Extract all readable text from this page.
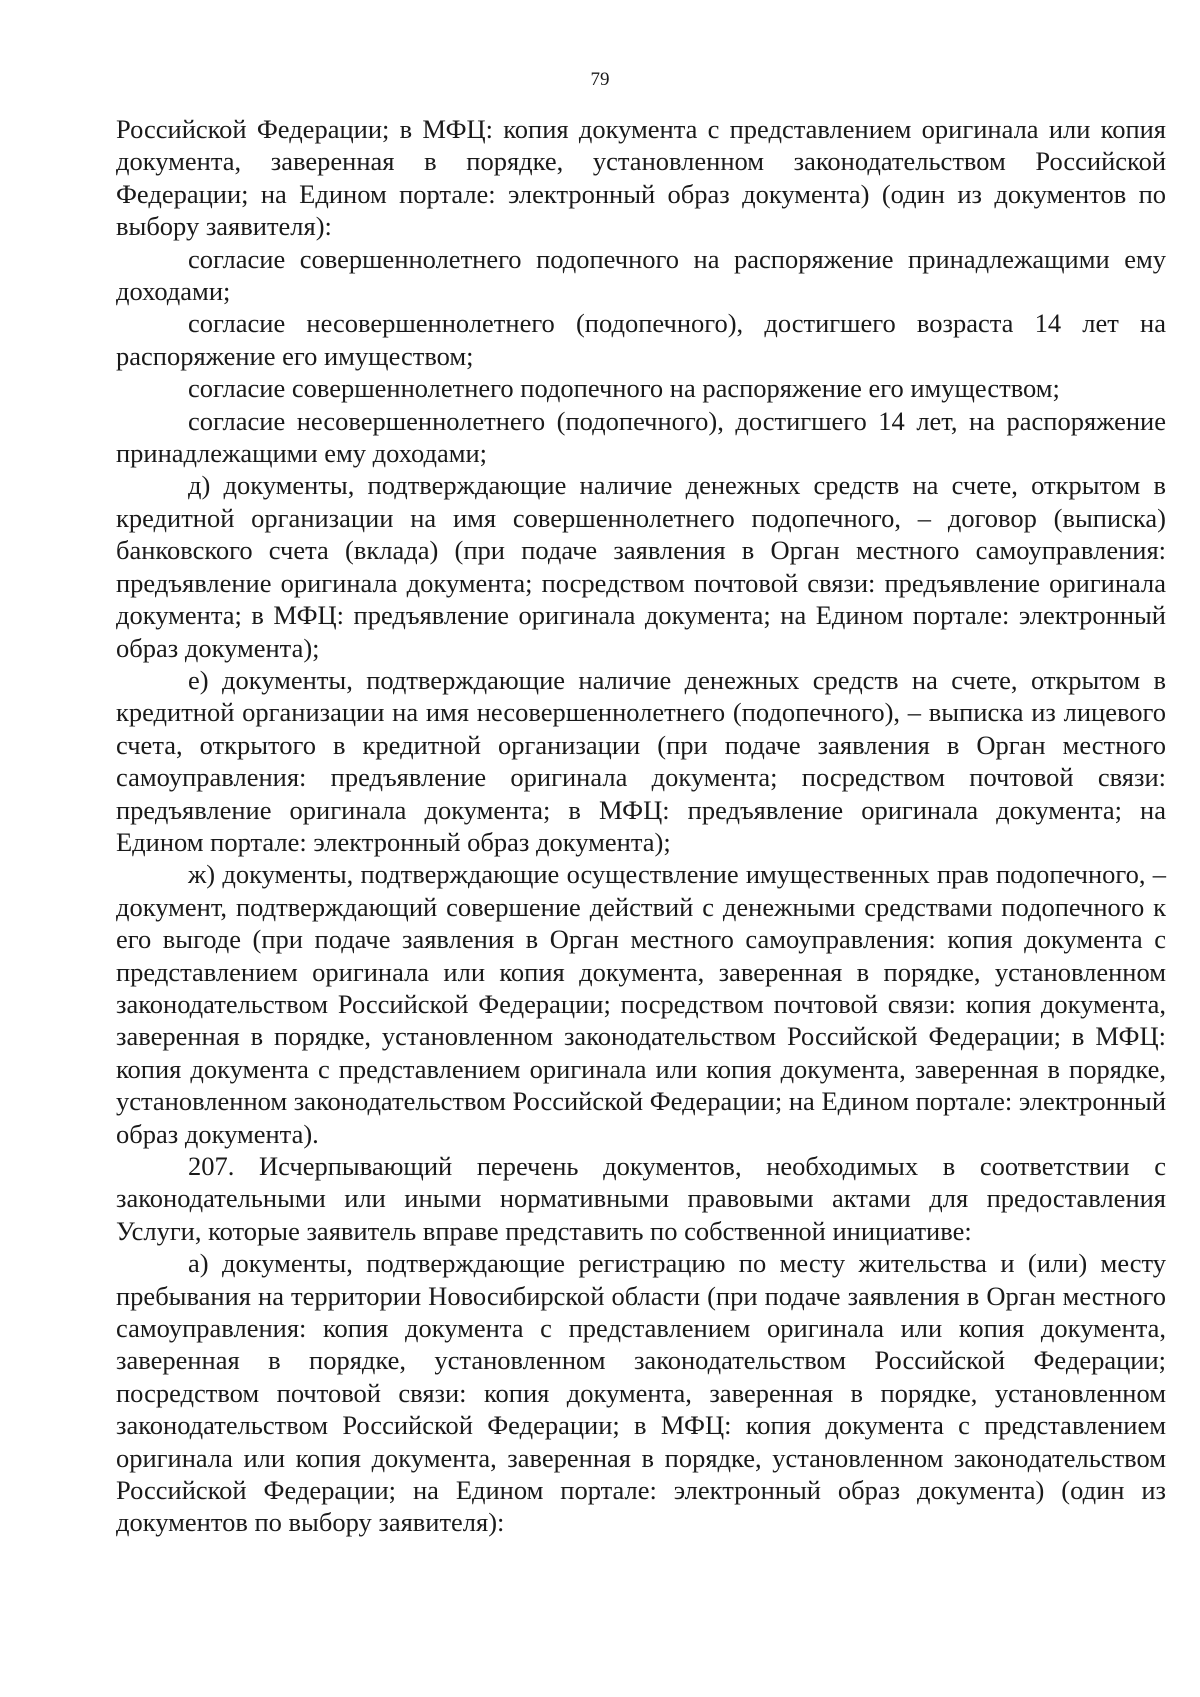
79

Российской Федерации; в МФЦ: копия документа с представлением оригинала или копия документа, заверенная в порядке, установленном законодательством Российской Федерации; на Едином портале: электронный образ документа) (один из документов по выбору заявителя):

согласие совершеннолетнего подопечного на распоряжение принадлежащими ему доходами;

согласие несовершеннолетнего (подопечного), достигшего возраста 14 лет на распоряжение его имуществом;

согласие совершеннолетнего подопечного на распоряжение его имуществом;

согласие несовершеннолетнего (подопечного), достигшего 14 лет, на распоряжение принадлежащими ему доходами;

д) документы, подтверждающие наличие денежных средств на счете, открытом в кредитной организации на имя совершеннолетнего подопечного, – договор (выписка) банковского счета (вклада) (при подаче заявления в Орган местного самоуправления: предъявление оригинала документа; посредством почтовой связи: предъявление оригинала документа; в МФЦ: предъявление оригинала документа; на Едином портале: электронный образ документа);

е) документы, подтверждающие наличие денежных средств на счете, открытом в кредитной организации на имя несовершеннолетнего (подопечного), – выписка из лицевого счета, открытого в кредитной организации (при подаче заявления в Орган местного самоуправления: предъявление оригинала документа; посредством почтовой связи: предъявление оригинала документа; в МФЦ: предъявление оригинала документа; на Едином портале: электронный образ документа);

ж) документы, подтверждающие осуществление имущественных прав подопечного, – документ, подтверждающий совершение действий с денежными средствами подопечного к его выгоде (при подаче заявления в Орган местного самоуправления: копия документа с представлением оригинала или копия документа, заверенная в порядке, установленном законодательством Российской Федерации; посредством почтовой связи: копия документа, заверенная в порядке, установленном законодательством Российской Федерации; в МФЦ: копия документа с представлением оригинала или копия документа, заверенная в порядке, установленном законодательством Российской Федерации; на Едином портале: электронный образ документа).

207. Исчерпывающий перечень документов, необходимых в соответствии с законодательными или иными нормативными правовыми актами для предоставления Услуги, которые заявитель вправе представить по собственной инициативе:

а) документы, подтверждающие регистрацию по месту жительства и (или) месту пребывания на территории Новосибирской области (при подаче заявления в Орган местного самоуправления: копия документа с представлением оригинала или копия документа, заверенная в порядке, установленном законодательством Российской Федерации; посредством почтовой связи: копия документа, заверенная в порядке, установленном законодательством Российской Федерации; в МФЦ: копия документа с представлением оригинала или копия документа, заверенная в порядке, установленном законодательством Российской Федерации; на Едином портале: электронный образ документа) (один из документов по выбору заявителя):
